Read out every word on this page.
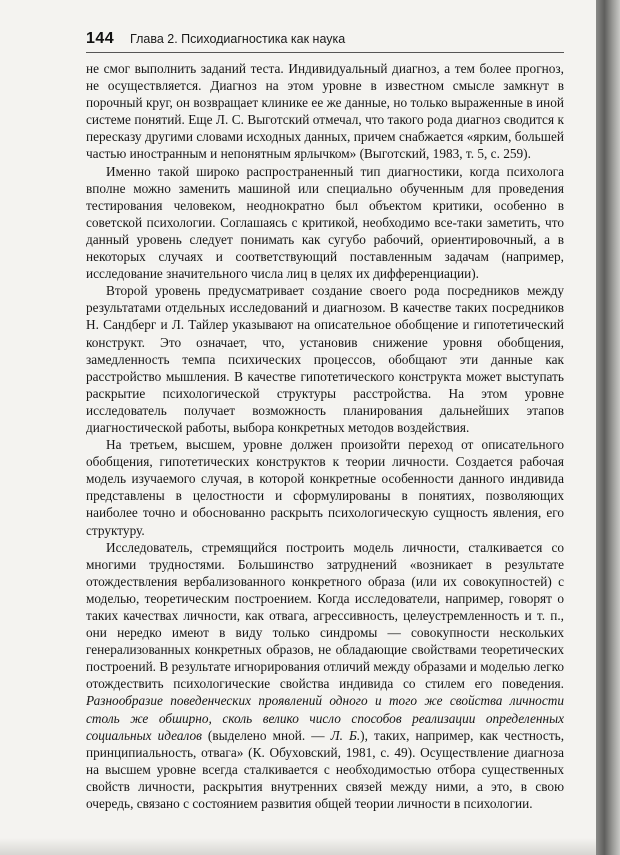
144 Глава 2. Психодиагностика как наука

не смог выполнить заданий теста. Индивидуальный диагноз, а тем более прогноз, не осуществляется. Диагноз на этом уровне в известном смысле замкнут в порочный круг, он возвращает клинике ее же данные, но только выраженные в иной системе понятий. Еще Л. С. Выготский отмечал, что такого рода диагноз сводится к пересказу другими словами исходных данных, причем снабжается «ярким, большей частью иностранным и непонятным ярлычком» (Выготский, 1983, т. 5, с. 259).

Именно такой широко распространенный тип диагностики, когда психолога вполне можно заменить машиной или специально обученным для проведения тестирования человеком, неоднократно был объектом критики, особенно в советской психологии. Соглашаясь с критикой, необходимо все-таки заметить, что данный уровень следует понимать как сугубо рабочий, ориентировочный, а в некоторых случаях и соответствующий поставленным задачам (например, исследование значительного числа лиц в целях их дифференциации).

Второй уровень предусматривает создание своего рода посредников между результатами отдельных исследований и диагнозом. В качестве таких посредников Н. Сандберг и Л. Тайлер указывают на описательное обобщение и гипотетический конструкт. Это означает, что, установив снижение уровня обобщения, замедленность темпа психических процессов, обобщают эти данные как расстройство мышления. В качестве гипотетического конструкта может выступать раскрытие психологической структуры расстройства. На этом уровне исследователь получает возможность планирования дальнейших этапов диагностической работы, выбора конкретных методов воздействия.

На третьем, высшем, уровне должен произойти переход от описательного обобщения, гипотетических конструктов к теории личности. Создается рабочая модель изучаемого случая, в которой конкретные особенности данного индивида представлены в целостности и сформулированы в понятиях, позволяющих наиболее точно и обоснованно раскрыть психологическую сущность явления, его структуру.

Исследователь, стремящийся построить модель личности, сталкивается со многими трудностями. Большинство затруднений «возникает в результате отождествления вербализованного конкретного образа (или их совокупностей) с моделью, теоретическим построением. Когда исследователи, например, говорят о таких качествах личности, как отвага, агрессивность, целеустремленность и т. п., они нередко имеют в виду только синдромы — совокупности нескольких генерализованных конкретных образов, не обладающие свойствами теоретических построений. В результате игнорирования отличий между образами и моделью легко отождествить психологические свойства индивида со стилем его поведения. Разнообразие поведенческих проявлений одного и того же свойства личности столь же обширно, сколь велико число способов реализации определенных социальных идеалов (выделено мной. — Л. Б.), таких, например, как честность, принципиальность, отвага» (К. Обуховский, 1981, с. 49). Осуществление диагноза на высшем уровне всегда сталкивается с необходимостью отбора существенных свойств личности, раскрытия внутренних связей между ними, а это, в свою очередь, связано с состоянием развития общей теории личности в психологии.
